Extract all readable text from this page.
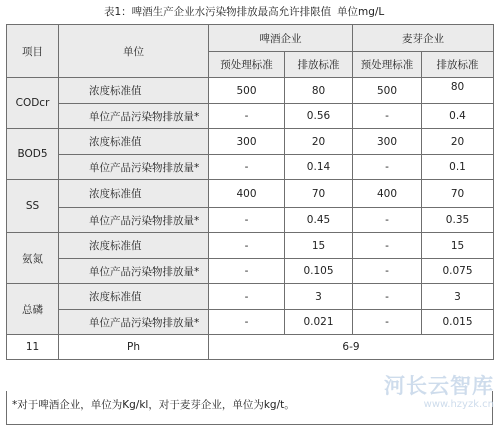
表1：啤酒生产企业水污染物排放最高允许排限值 单位mg/L
项目	单位	啤酒企业		麦芽企业	
		预处理标准	排放标准	预处理标准	排放标准
CODcr	浓度标准值	500	80	500	80
	单位产品污染物排放量*	-	0.56	-	0.4
BOD5	浓度标准值	300	20	300	20
	单位产品污染物排放量*	-	0.14	-	0.1
SS	浓度标准值	400	70	400	70
	单位产品污染物排放量*	-	0.45	-	0.35
氨氮	浓度标准值	-	15	-	15
	单位产品污染物排放量*	-	0.105	-	0.075
总磷	浓度标准值	-	3	-	3
	单位产品污染物排放量*	-	0.021	-	0.015
11	Ph	6-9			
*对于啤酒企业，单位为Kg/kl，对于麦芽企业，单位为kg/t。
河长云智库
www.hzyzk.cn
